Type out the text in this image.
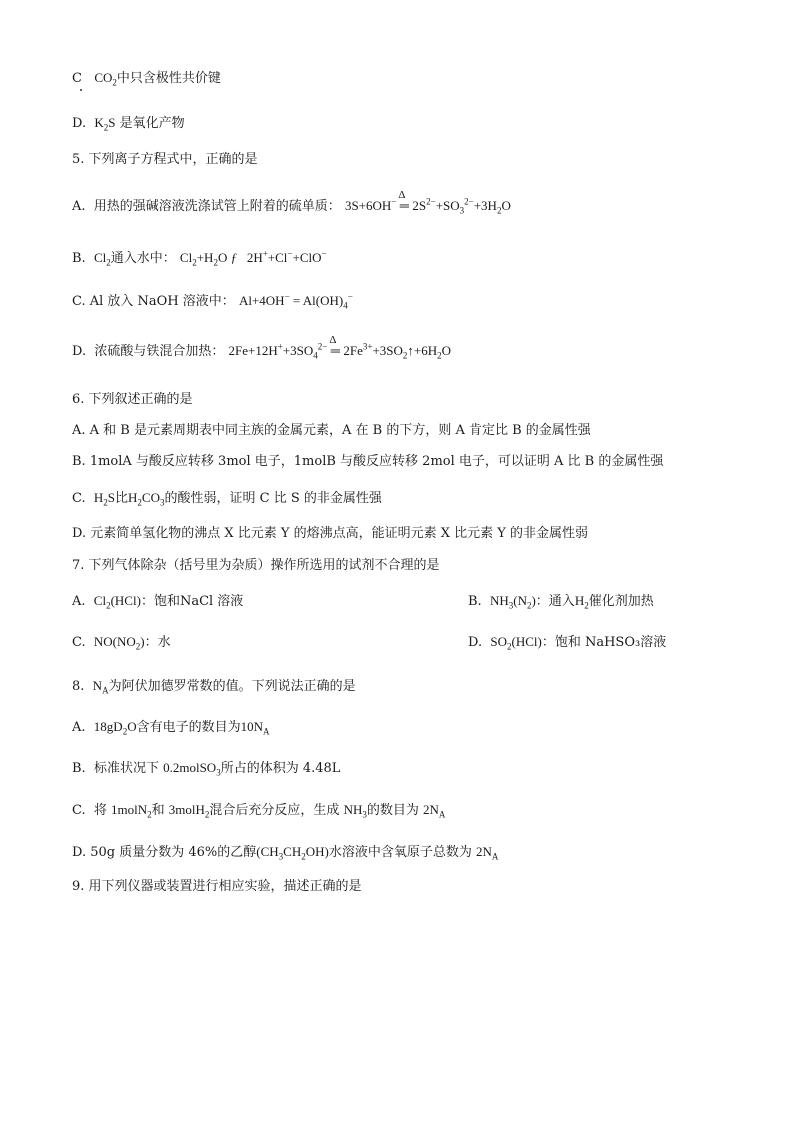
C $CO_2$中只含极性共价键
D. $K_2S$ 是氧化产物
5. 下列离子方程式中，正确的是
A. 用热的强碱溶液洗涤试管上附着的硫单质： 3S+6OH−
Δ
═ $2S^{2-}+SO_3^{2-}+3H_2O$
B. $Cl_2$通入水中： $Cl_2+H_2O$ ƒ   2H++Cl−+ClO−
C. Al 放入 NaOH 溶液中： $Al+4OH^- = Al(OH)_4^-$
D. 浓硫酸与铁混合加热： $2Fe+12H^++3SO_4^{2-}$
Δ
═ $2Fe^{3+}+3SO_2↑+6H_2O$
6. 下列叙述正确的是
A. A 和 B 是元素周期表中同主族的金属元素，A 在 B 的下方，则 A 肯定比 B 的金属性强
B. 1molA 与酸反应转移 3mol 电子，1molB 与酸反应转移 2mol 电子，可以证明 A 比 B 的金属性强
C. $H_2S$比$H_2CO_3$的酸性弱，证明 C 比 S 的非金属性强
D. 元素简单氢化物的沸点 X 比元素 Y 的熔沸点高，能证明元素 X 比元素 Y 的非金属性弱
7. 下列气体除杂（括号里为杂质）操作所选用的试剂不合理的是
A. $Cl_2(HCl)$：饱和NaCl 溶液	B. $NH_3(N_2)$：通入$H_2$催化剂加热
C. $NO(NO_2)$：水	D. $SO_2(HCl)$：饱和 NaHSO₃溶液
8.  $N_A$为阿伏加德罗常数的值。下列说法正确的是
A. $18gD_2O$含有电子的数目为$10N_A$
B. 标准状况下 0.2molSO$_3$所占的体积为 4.48L
C. 将 1molN$_2$和 3molH$_2$混合后充分反应，生成 $NH_3$的数目为 $2N_A$
D. 50g 质量分数为 46%的乙醇$(CH_3CH_2OH)$水溶液中含氧原子总数为 $2N_A$
9. 用下列仪器或装置进行相应实验，描述正确的是
